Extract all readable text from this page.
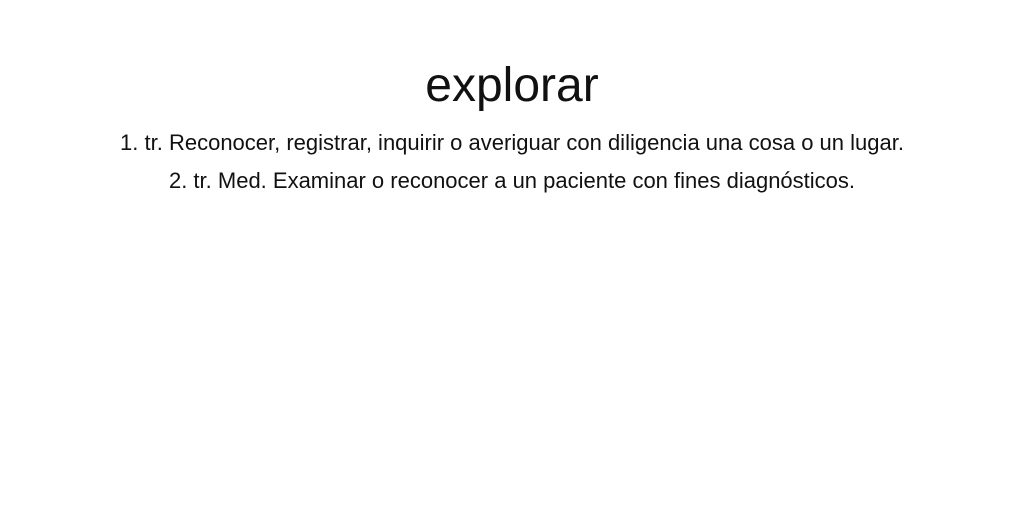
explorar
1. tr. Reconocer, registrar, inquirir o averiguar con diligencia una cosa o un lugar.
2. tr. Med. Examinar o reconocer a un paciente con fines diagnósticos.
